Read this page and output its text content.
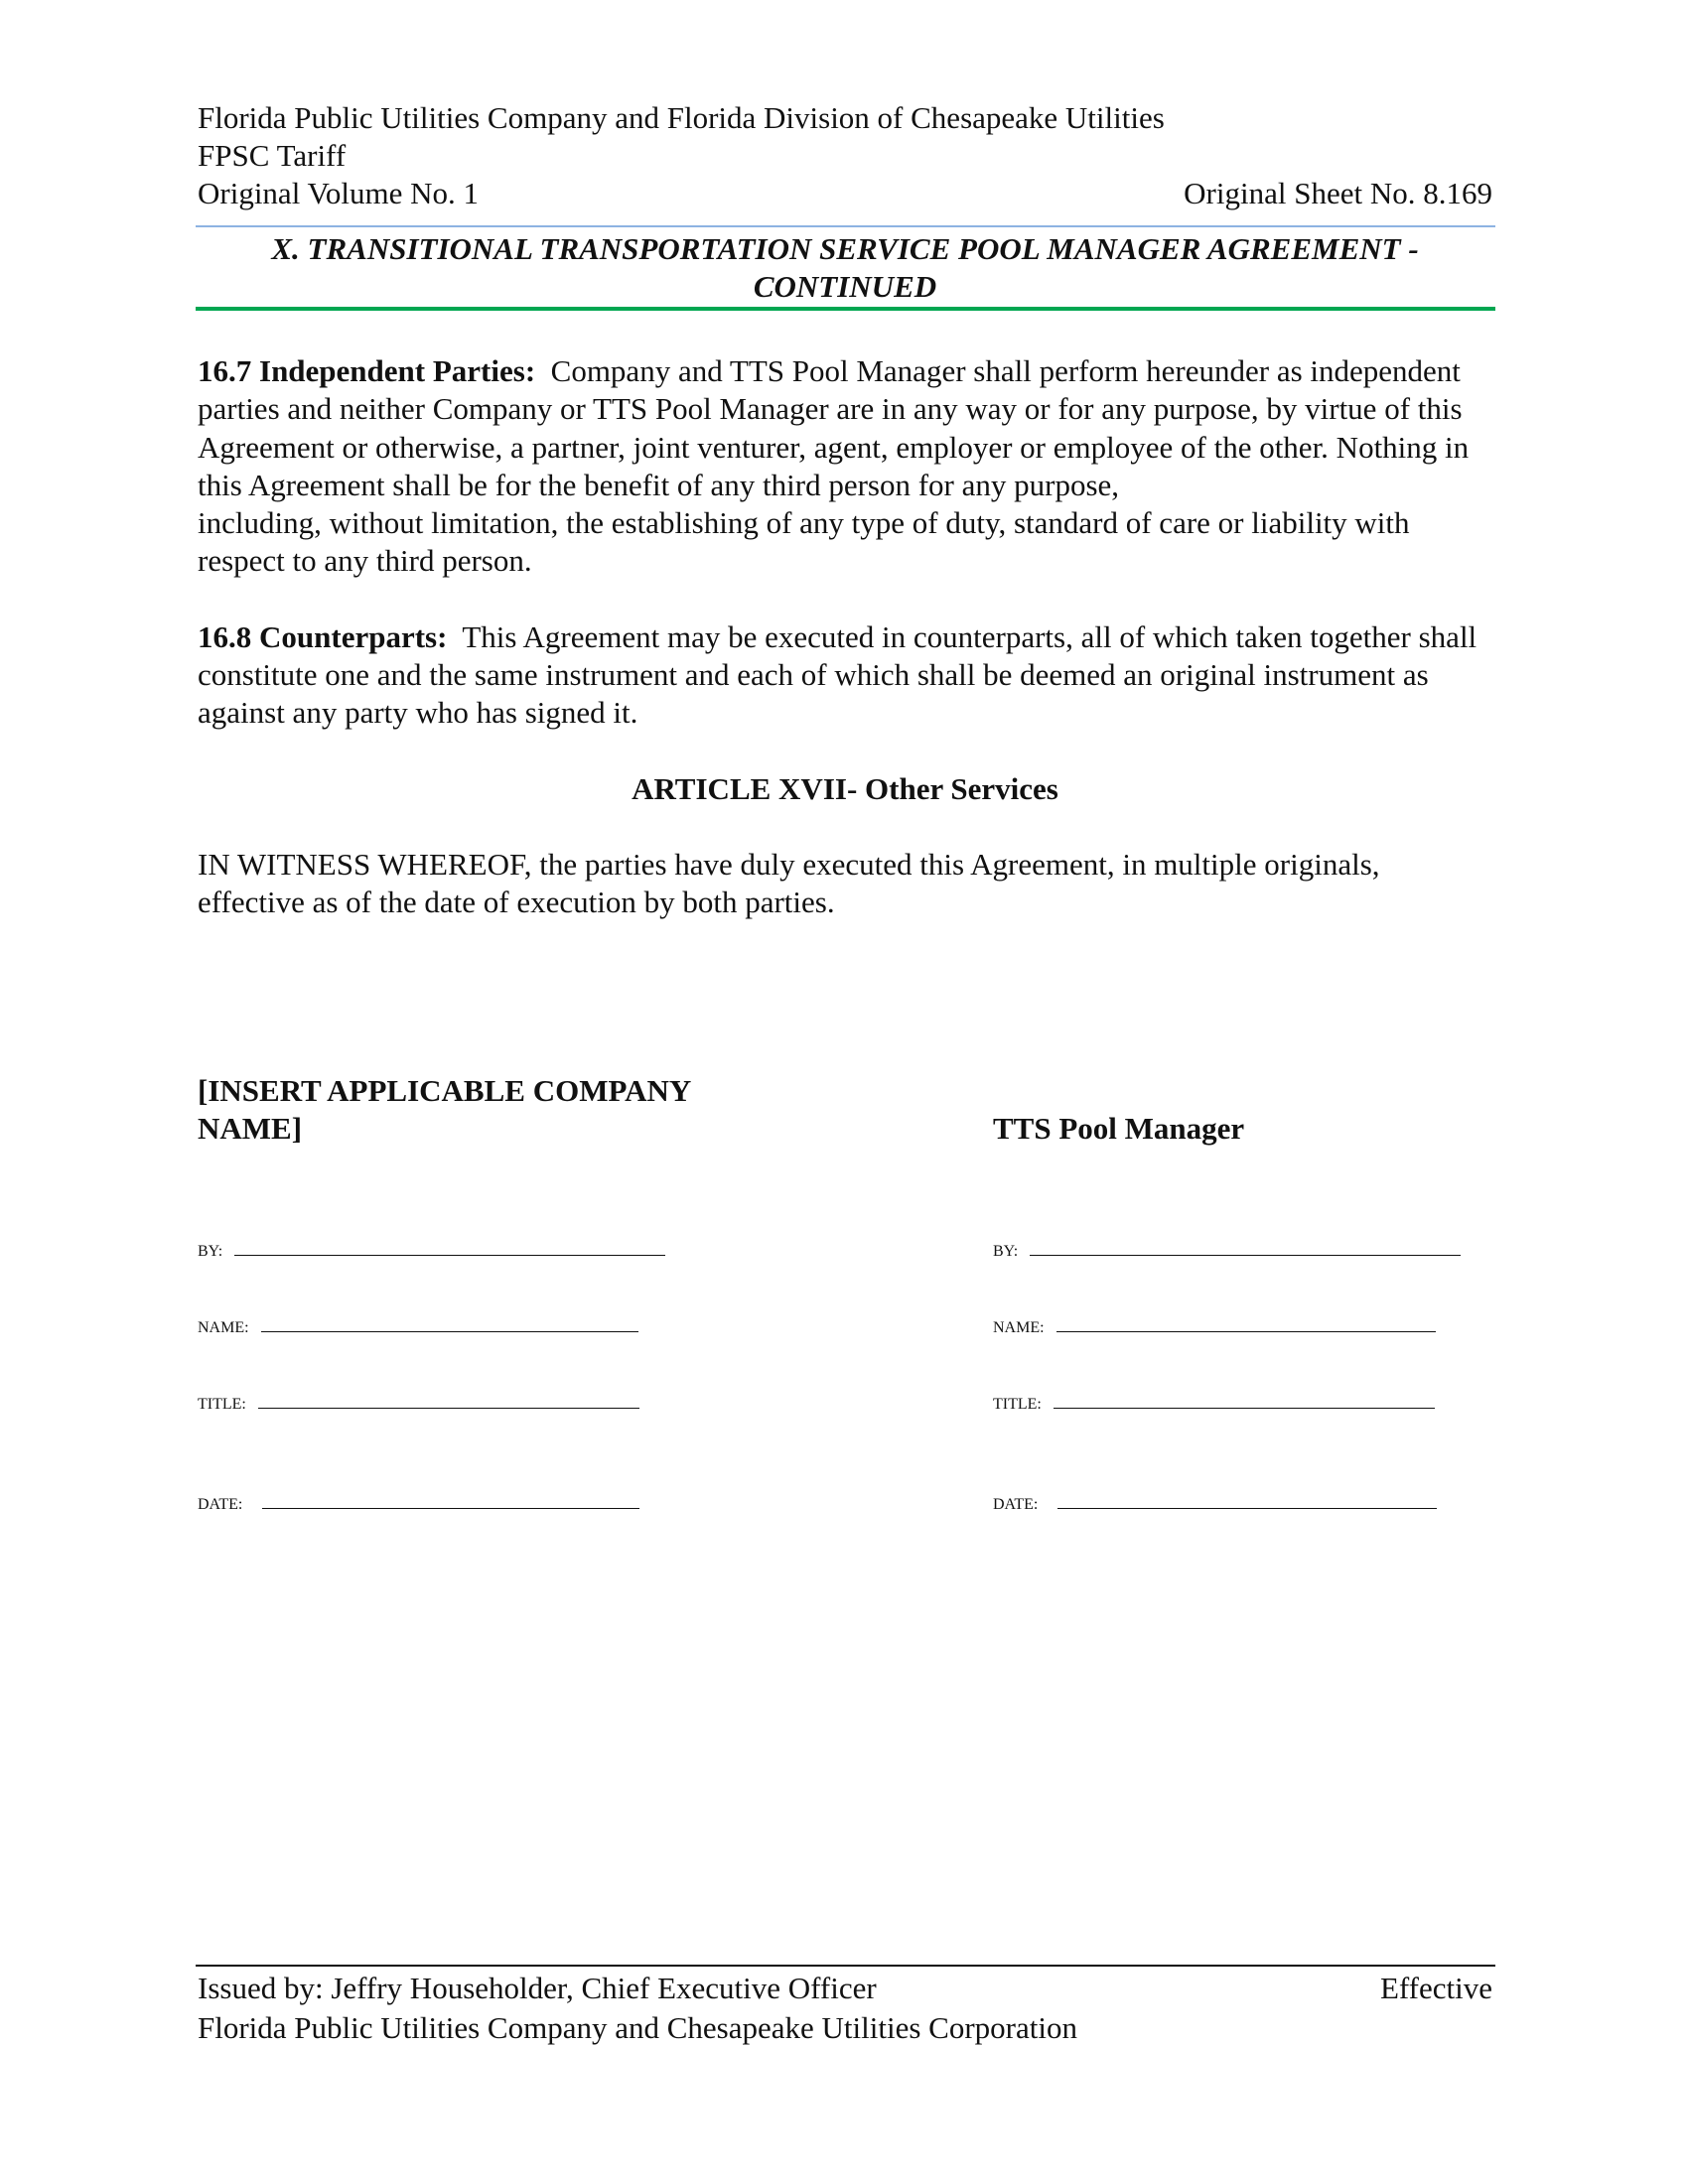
Florida Public Utilities Company and Florida Division of Chesapeake Utilities
FPSC Tariff
Original Volume No. 1	Original Sheet No. 8.169
X. TRANSITIONAL TRANSPORTATION SERVICE POOL MANAGER AGREEMENT -
CONTINUED

16.7 Independent Parties: Company and TTS Pool Manager shall perform hereunder as independent parties and neither Company or TTS Pool Manager are in any way or for any purpose, by virtue of this Agreement or otherwise, a partner, joint venturer, agent, employer or employee of the other. Nothing in this Agreement shall be for the benefit of any third person for any purpose,

including, without limitation, the establishing of any type of duty, standard of care or liability with respect to any third person.

16.8 Counterparts: This Agreement may be executed in counterparts, all of which taken together shall constitute one and the same instrument and each of which shall be deemed an original instrument as against any party who has signed it.

ARTICLE XVII- Other Services

IN WITNESS WHEREOF, the parties have duly executed this Agreement, in multiple originals, effective as of the date of execution by both parties.

[INSERT APPLICABLE COMPANY
NAME]
BY:
NAME:
TITLE:
DATE:
TTS Pool Manager
BY:
NAME:
TITLE:
DATE:
Issued by: Jeffry Householder, Chief Executive Officer	Effective
Florida Public Utilities Company and Chesapeake Utilities Corporation
